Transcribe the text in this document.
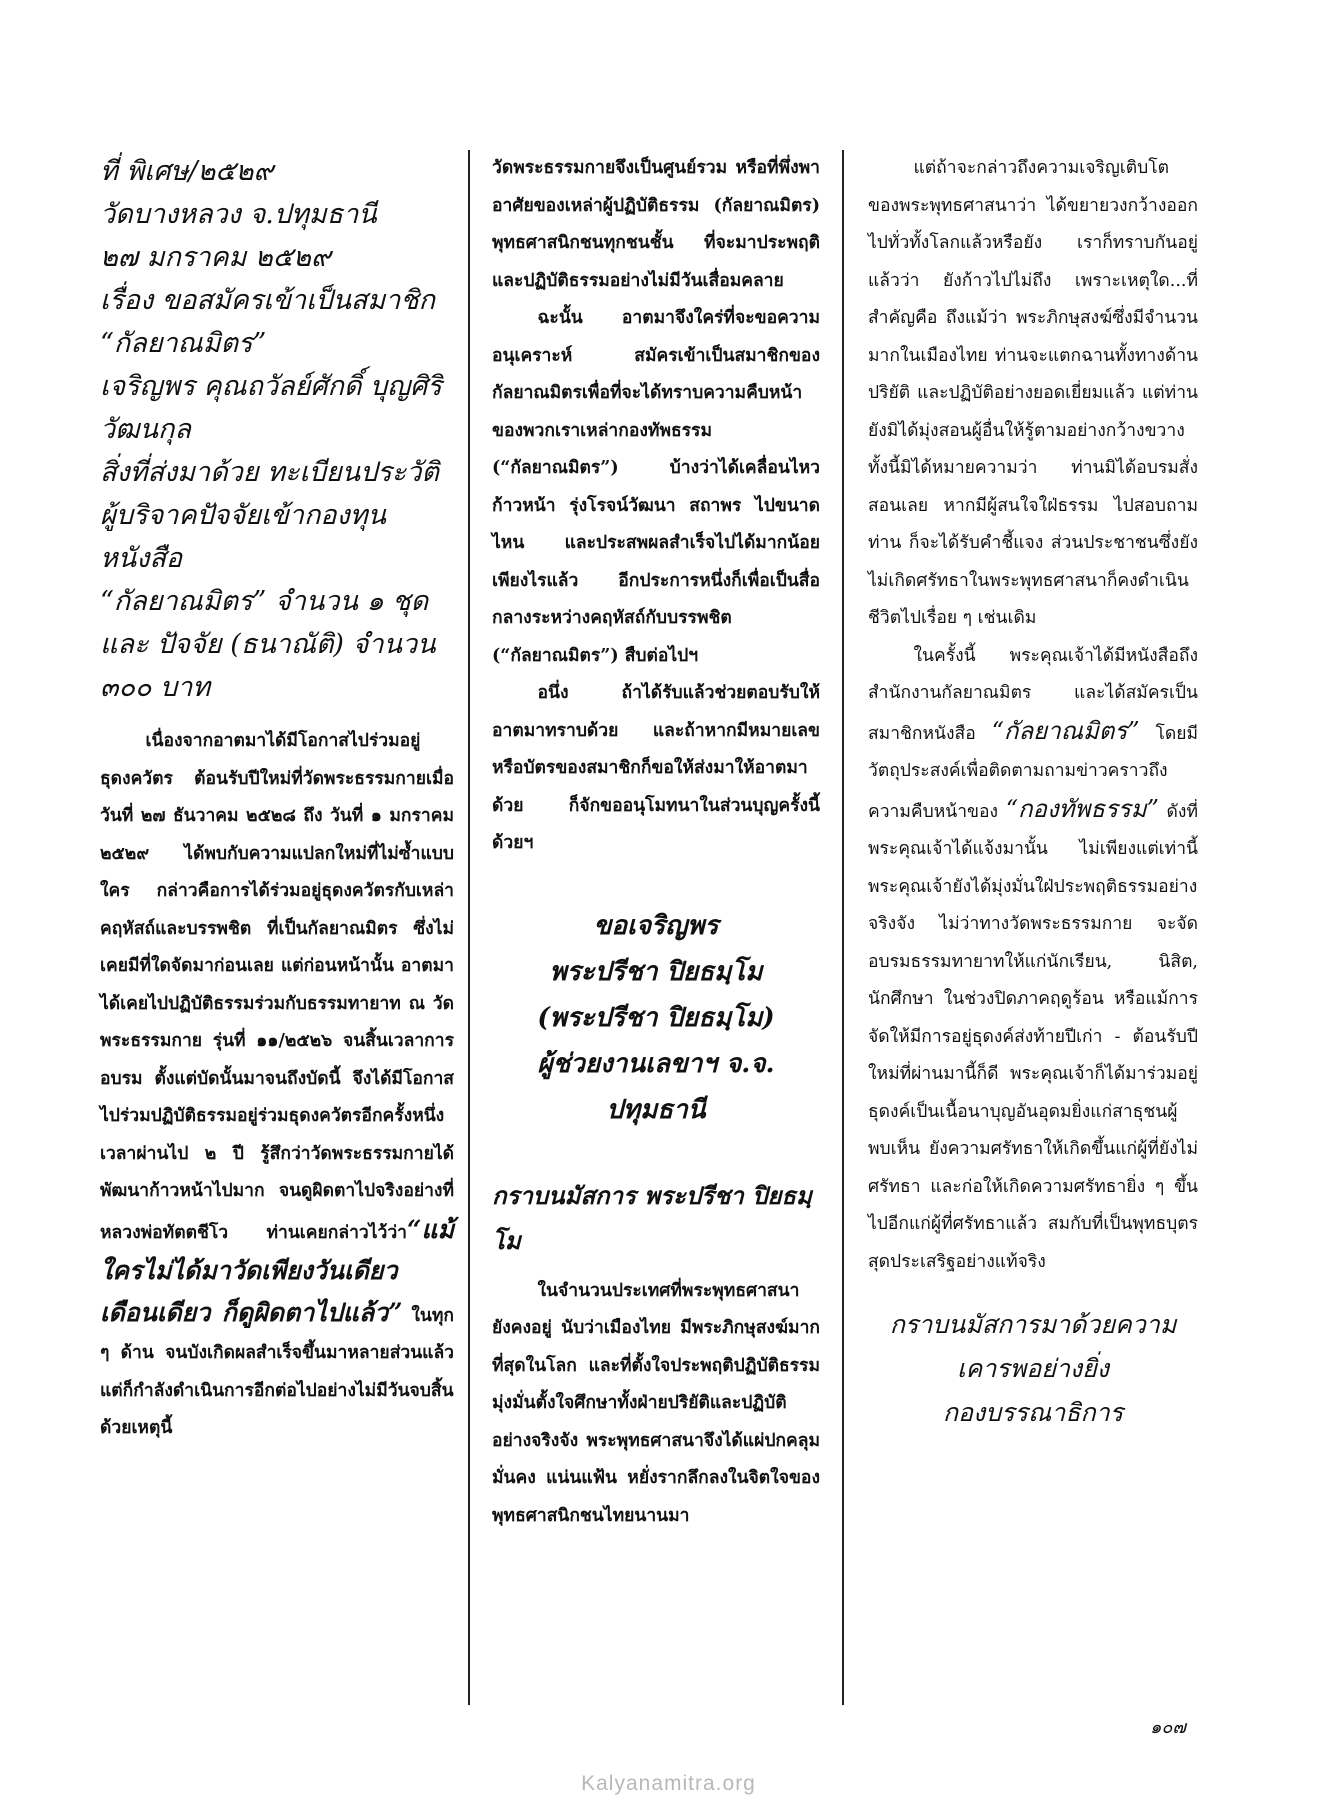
ที่ พิเศษ/๒๕๒๙

วัดบางหลวง จ.ปทุมธานี

๒๗ มกราคม ๒๕๒๙

เรื่อง ขอสมัครเข้าเป็นสมาชิก

“กัลยาณมิตร”

เจริญพร คุณถวัลย์ศักดิ์ บุญศิริ

วัฒนกุล

สิ่งที่ส่งมาด้วย ทะเบียนประวัติ

ผู้บริจาคปัจจัยเข้ากองทุนหนังสือ

“กัลยาณมิตร” จำนวน ๑ ชุด

และ ปัจจัย (ธนาณัติ) จำนวน

๓๐๐ บาท

เนื่องจากอาตมาได้มีโอกาสไปร่วมอยู่ธุดงควัตร ต้อนรับปีใหม่ที่วัดพระธรรมกายเมื่อวันที่ ๒๗ ธันวาคม ๒๕๒๘ ถึง วันที่ ๑ มกราคม ๒๕๒๙ ได้พบกับความแปลกใหม่ที่ไม่ซ้ำแบบใคร กล่าวคือการได้ร่วมอยู่ธุดงควัตรกับเหล่าคฤหัสถ์และบรรพชิต ที่เป็นกัลยาณมิตร ซึ่งไม่เคยมีที่ใดจัดมาก่อนเลย แต่ก่อนหน้านั้น อาตมาได้เคยไปปฏิบัติธรรมร่วมกับธรรมทายาท ณ วัดพระธรรมกาย รุ่นที่ ๑๑/๒๕๒๖ จนสิ้นเวลาการอบรม ตั้งแต่บัดนั้นมาจนถึงบัดนี้ จึงได้มีโอกาสไปร่วมปฏิบัติธรรมอยู่ร่วมธุดงควัตรอีกครั้งหนึ่ง เวลาผ่านไป ๒ ปี รู้สึกว่าวัดพระธรรมกายได้พัฒนาก้าวหน้าไปมาก จนดูผิดตาไปจริงอย่างที่หลวงพ่อทัตตชีโว ท่านเคยกล่าวไว้ว่า“แม้ใครไม่ได้มาวัดเพียงวันเดียว เดือนเดียว ก็ดูผิดตาไปแล้ว” ในทุก ๆ ด้าน จนบังเกิดผลสำเร็จขึ้นมาหลายส่วนแล้ว แต่ก็กำลังดำเนินการอีกต่อไปอย่างไม่มีวันจบสิ้น ด้วยเหตุนี้

วัดพระธรรมกายจึงเป็นศูนย์รวม หรือที่พึ่งพาอาศัยของเหล่าผู้ปฏิบัติธรรม (กัลยาณมิตร) พุทธศาสนิกชนทุกชนชั้น ที่จะมาประพฤติและปฏิบัติธรรมอย่างไม่มีวันเสื่อมคลาย

ฉะนั้น อาตมาจึงใคร่ที่จะขอความอนุเคราะห์ สมัครเข้าเป็นสมาชิกของกัลยาณมิตรเพื่อที่จะได้ทราบความคืบหน้าของพวกเราเหล่ากองทัพธรรม (“กัลยาณมิตร”) บ้างว่าได้เคลื่อนไหวก้าวหน้า รุ่งโรจน์วัฒนา สถาพร ไปขนาดไหน และประสพผลสำเร็จไปได้มากน้อยเพียงไรแล้ว อีกประการหนึ่งก็เพื่อเป็นสื่อกลางระหว่างคฤหัสถ์กับบรรพชิต (“กัลยาณมิตร”) สืบต่อไปฯ

อนึ่ง ถ้าได้รับแล้วช่วยตอบรับให้อาตมาทราบด้วย และถ้าหากมีหมายเลขหรือบัตรของสมาชิกก็ขอให้ส่งมาให้อาตมาด้วย ก็จักขออนุโมทนาในส่วนบุญครั้งนี้ด้วยฯ

ขอเจริญพร

พระปรีชา ปิยธมฺโม

(พระปรีชา ปิยธมฺโม)

ผู้ช่วยงานเลขาฯ จ.จ. ปทุมธานี

กราบนมัสการ พระปรีชา ปิยธมฺโม

ในจำนวนประเทศที่พระพุทธศาสนา ยังคงอยู่ นับว่าเมืองไทย มีพระภิกษุสงฆ์มากที่สุดในโลก และที่ตั้งใจประพฤติปฏิบัติธรรม มุ่งมั่นตั้งใจศึกษาทั้งฝ่ายปริยัติและปฏิบัติอย่างจริงจัง พระพุทธศาสนาจึงได้แผ่ปกคลุมมั่นคง แน่นแฟ้น หยั่งรากลึกลงในจิตใจของพุทธศาสนิกชนไทยนานมา

แต่ถ้าจะกล่าวถึงความเจริญเติบโตของพระพุทธศาสนาว่า ได้ขยายวงกว้างออกไปทั่วทั้งโลกแล้วหรือยัง เราก็ทราบกันอยู่แล้วว่า ยังก้าวไปไม่ถึง เพราะเหตุใด...ที่สำคัญคือ ถึงแม้ว่า พระภิกษุสงฆ์ซึ่งมีจำนวนมากในเมืองไทย ท่านจะแตกฉานทั้งทางด้านปริยัติ และปฏิบัติอย่างยอดเยี่ยมแล้ว แต่ท่านยังมิได้มุ่งสอนผู้อื่นให้รู้ตามอย่างกว้างขวาง ทั้งนี้มิได้หมายความว่า ท่านมิได้อบรมสั่งสอนเลย หากมีผู้สนใจใฝ่ธรรม ไปสอบถามท่าน ก็จะได้รับคำชี้แจง ส่วนประชาชนซึ่งยังไม่เกิดศรัทธาในพระพุทธศาสนาก็คงดำเนินชีวิตไปเรื่อย ๆ เช่นเดิม

ในครั้งนี้ พระคุณเจ้าได้มีหนังสือถึงสำนักงานกัลยาณมิตร และได้สมัครเป็นสมาชิกหนังสือ “กัลยาณมิตร” โดยมีวัตถุประสงค์เพื่อติดตามถามข่าวคราวถึง ความคืบหน้าของ “กองทัพธรรม” ดังที่พระคุณเจ้าได้แจ้งมานั้น ไม่เพียงแต่เท่านี้ พระคุณเจ้ายังได้มุ่งมั่นใฝ่ประพฤติธรรมอย่างจริงจัง ไม่ว่าทางวัดพระธรรมกาย จะจัดอบรมธรรมทายาทให้แก่นักเรียน, นิสิต, นักศึกษา ในช่วงปิดภาคฤดูร้อน หรือแม้การจัดให้มีการอยู่ธุดงค์ส่งท้ายปีเก่า - ต้อนรับปีใหม่ที่ผ่านมานี้ก็ดี พระคุณเจ้าก็ได้มาร่วมอยู่ธุดงค์เป็นเนื้อนาบุญอันอุดมยิ่งแก่สาธุชนผู้พบเห็น ยังความศรัทธาให้เกิดขึ้นแก่ผู้ที่ยังไม่ศรัทธา และก่อให้เกิดความศรัทธายิ่ง ๆ ขึ้นไปอีกแก่ผู้ที่ศรัทธาแล้ว สมกับที่เป็นพุทธบุตรสุดประเสริฐอย่างแท้จริง

กราบนมัสการมาด้วยความ

เคารพอย่างยิ่ง

กองบรรณาธิการ

๑๐๗
Kalyanamitra.org
